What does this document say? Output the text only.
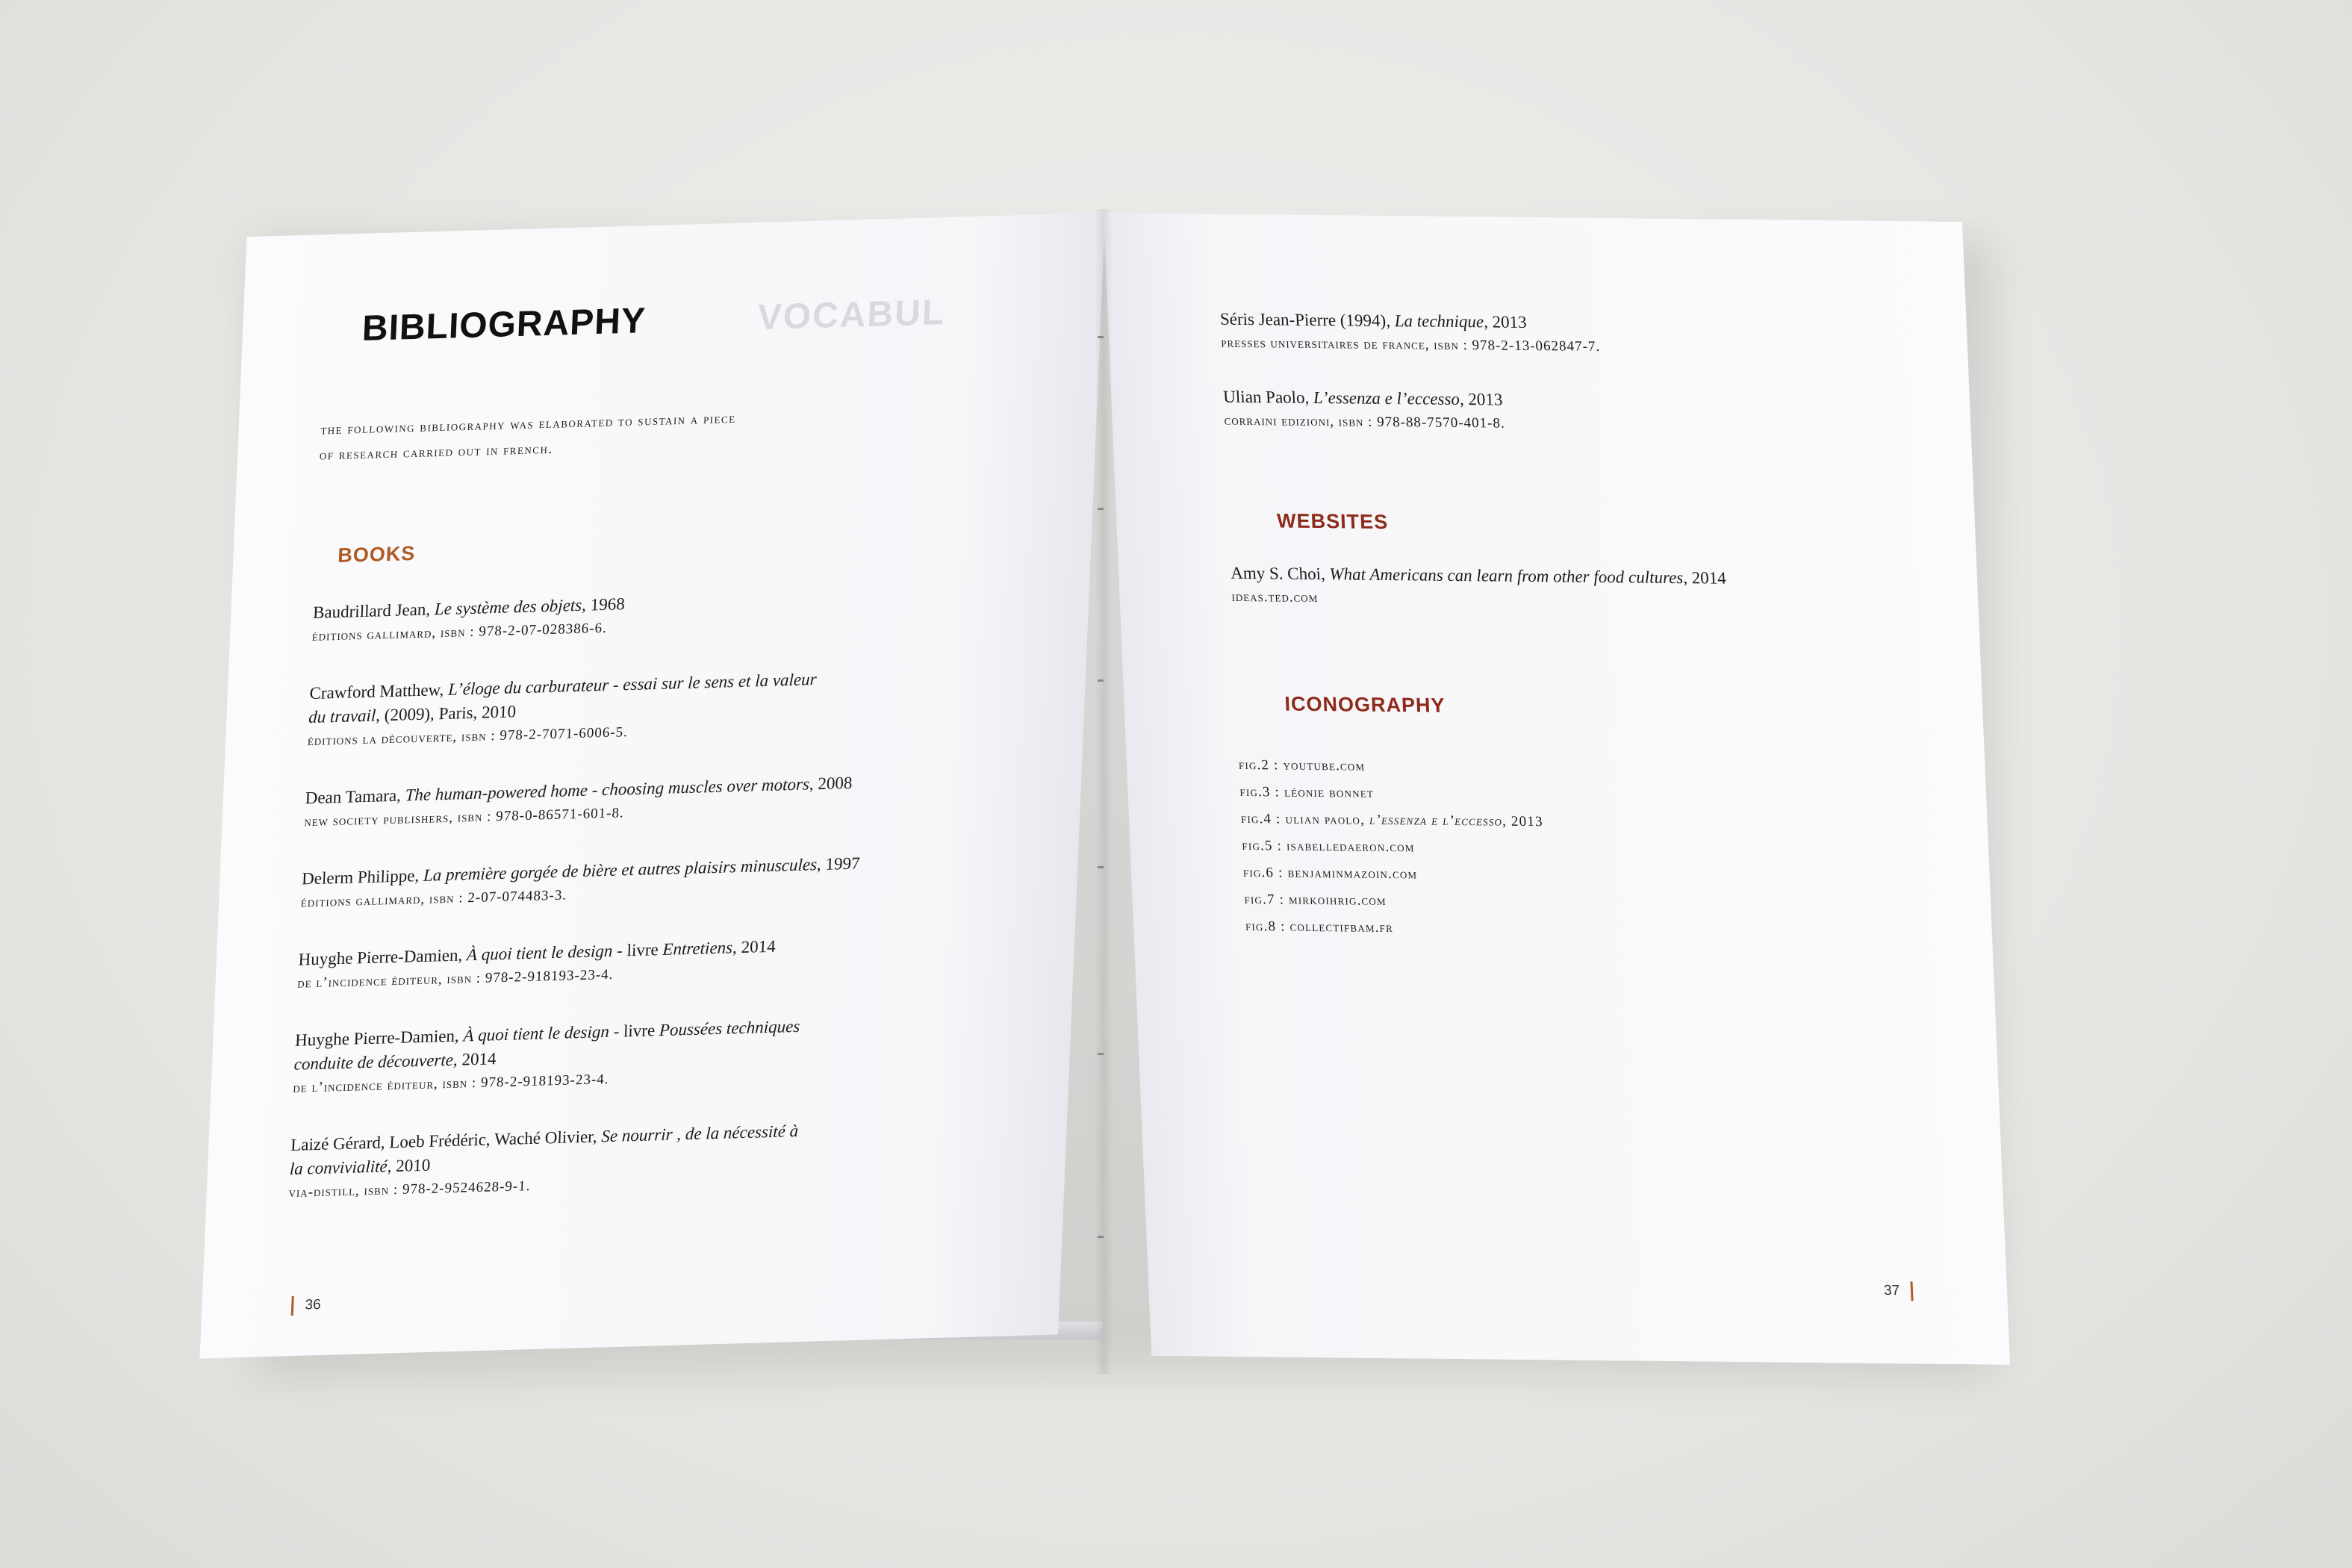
VOCABUL
BIBLIOGRAPHY
the following bibliography was elaborated to sustain a piece
of research carried out in french.
BOOKS
Baudrillard Jean, Le système des objets, 1968
éditions gallimard, isbn : 978-2-07-028386-6.
Crawford Matthew, L’éloge du carburateur - essai sur le sens et la valeur
du travail, (2009), Paris, 2010
éditions la découverte, isbn : 978-2-7071-6006-5.
Dean Tamara, The human-powered home - choosing muscles over motors, 2008
new society publishers, isbn : 978-0-86571-601-8.
Delerm Philippe, La première gorgée de bière et autres plaisirs minuscules, 1997
éditions gallimard, isbn : 2-07-074483-3.
Huyghe Pierre-Damien, À quoi tient le design - livre Entretiens, 2014
de l’incidence éditeur, isbn : 978-2-918193-23-4.
Huyghe Pierre-Damien, À quoi tient le design - livre Poussées techniques
conduite de découverte, 2014
de l’incidence éditeur, isbn : 978-2-918193-23-4.
Laizé Gérard, Loeb Frédéric, Waché Olivier, Se nourrir , de la nécessité à
la convivialité, 2010
via-distill, isbn : 978-2-9524628-9-1.
36
Séris Jean-Pierre (1994), La technique, 2013
presses universitaires de france, isbn : 978-2-13-062847-7.
Ulian Paolo, L’essenza e l’eccesso, 2013
corraini edizioni, isbn : 978-88-7570-401-8.
WEBSITES
Amy S. Choi, What Americans can learn from other food cultures, 2014
ideas.ted.com
ICONOGRAPHY
fig.2 : youtube.com
fig.3 : léonie bonnet
fig.4 : ulian paolo, l’essenza e l’eccesso, 2013
fig.5 : isabelledaeron.com
fig.6 : benjaminmazoin.com
fig.7 : mirkoihrig.com
fig.8 : collectifbam.fr
37
